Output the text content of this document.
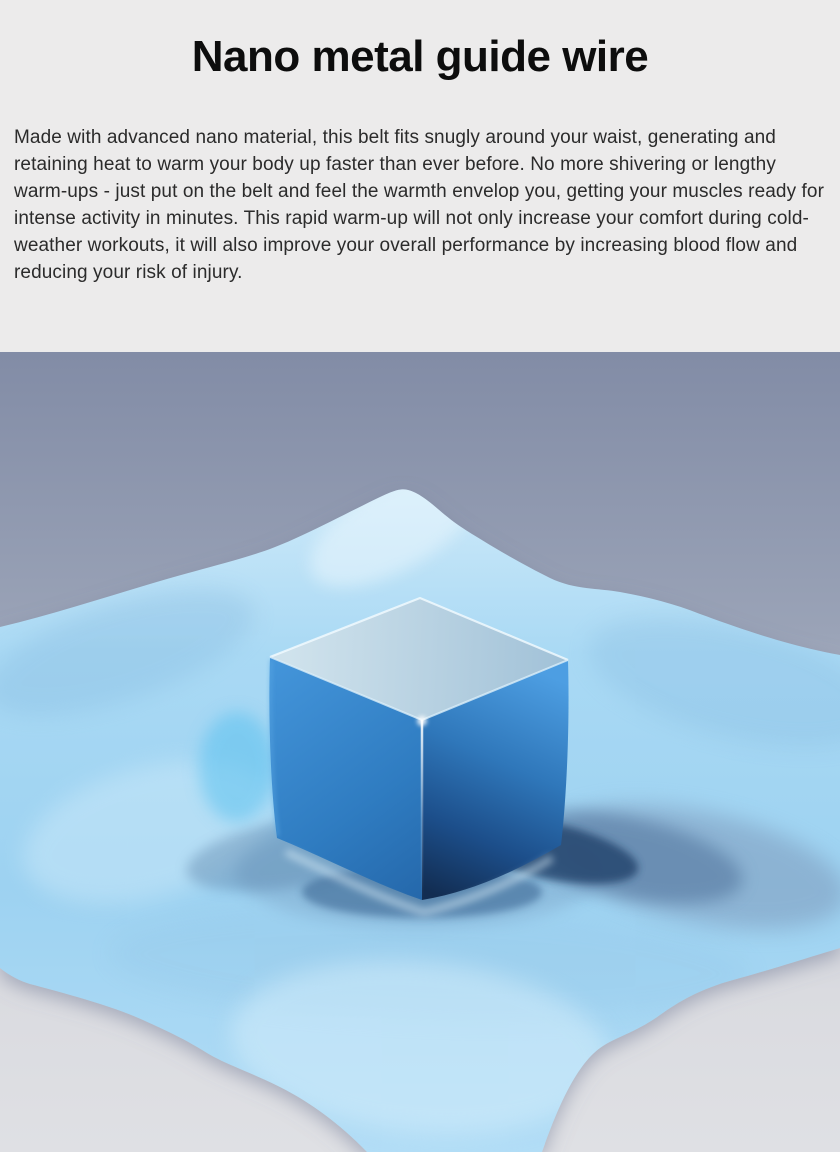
Nano metal guide wire

Made with advanced nano material, this belt fits snugly around your waist, generating and retaining heat to warm your body up faster than ever before. No more shivering or lengthy warm-ups - just put on the belt and feel the warmth envelop you, getting your muscles ready for intense activity in minutes. This rapid warm-up will not only increase your comfort during cold-weather workouts, it will also improve your overall performance by increasing blood flow and reducing your risk of injury.
